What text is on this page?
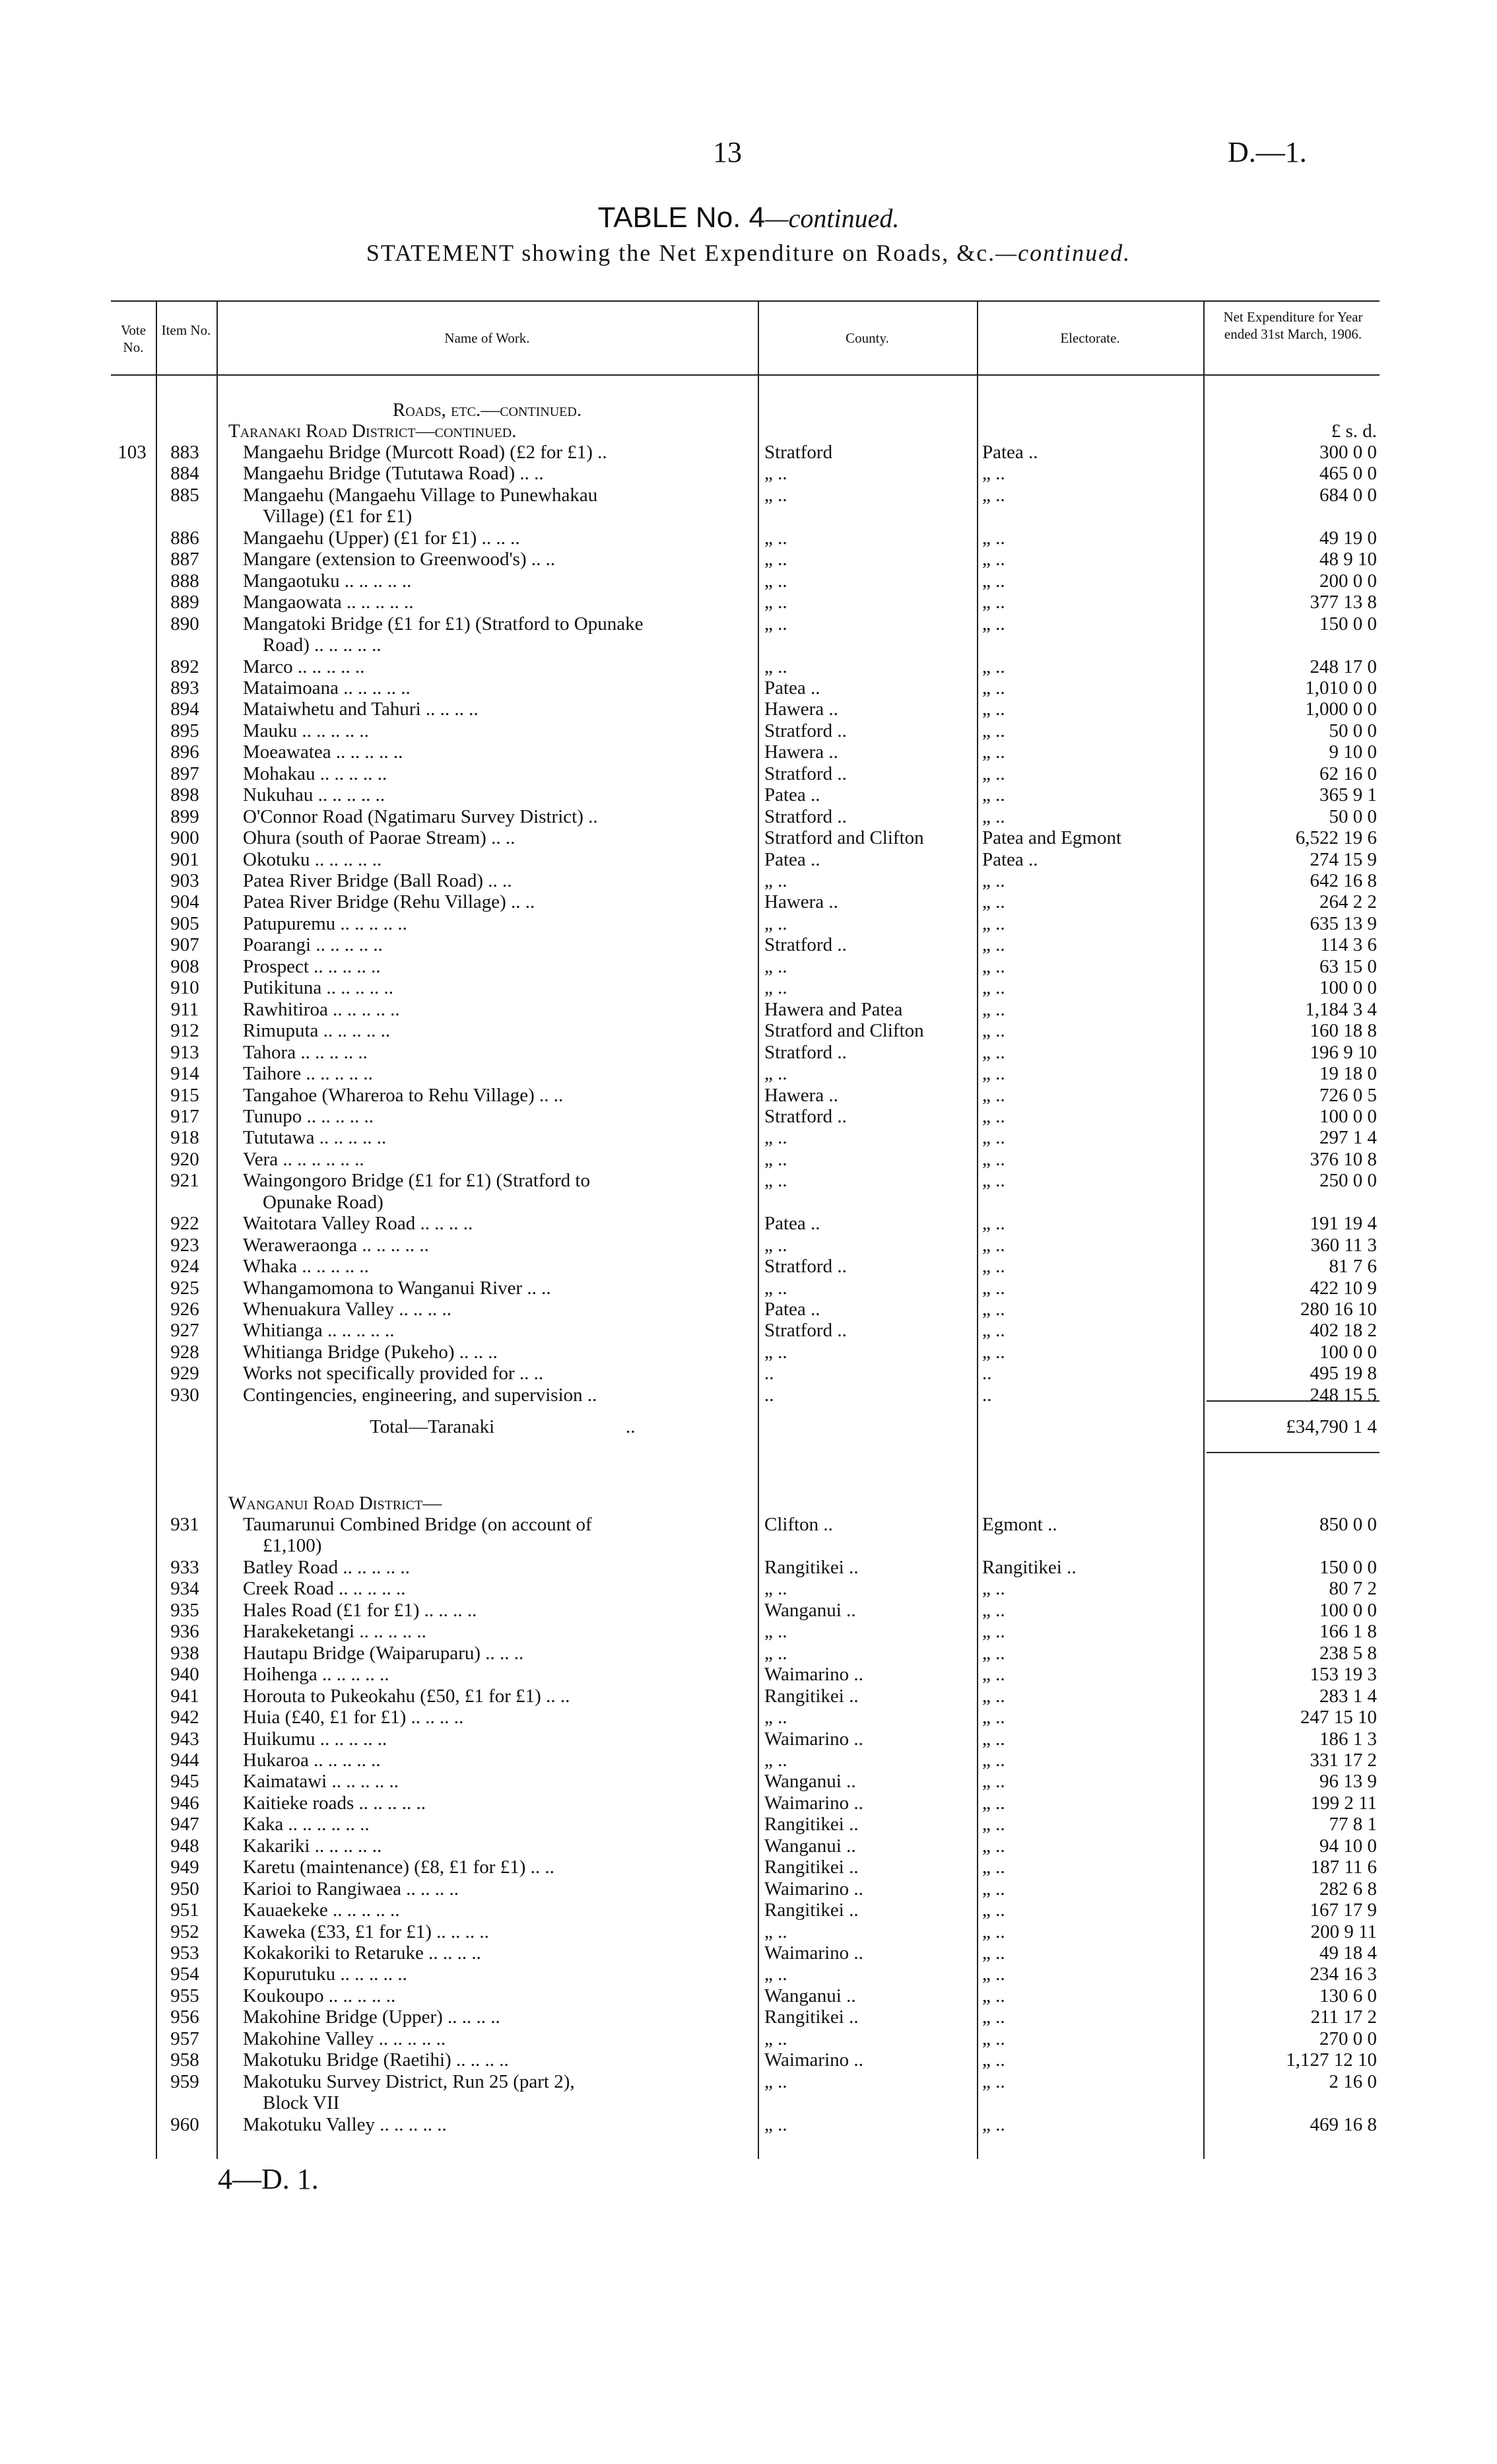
13	D.—1.
TABLE No. 4—continued.
STATEMENT showing the Net Expenditure on Roads, &c.—continued.
Vote No.
Item No.	Name of Work.	County.	Electorate.
Net Expenditure for Year ended 31st March, 1906.
Roads, etc.—continued.
Taranaki Road District—continued.	£ s. d.
103	883	Mangaehu Bridge (Murcott Road) (£2 for £1) ..	Stratford	Patea ..	300 0 0
884	Mangaehu Bridge (Tututawa Road) .. ..	„ ..	„ ..	465 0 0
885	Mangaehu (Mangaehu Village to Punewhakau	„ ..	„ ..	684 0 0
Village) (£1 for £1)
886	Mangaehu (Upper) (£1 for £1) .. .. ..	„ ..	„ ..	49 19 0
887	Mangare (extension to Greenwood's) .. ..	„ ..	„ ..	48 9 10
888	Mangaotuku .. .. .. .. ..	„ ..	„ ..	200 0 0
889	Mangaowata .. .. .. .. ..	„ ..	„ ..	377 13 8
890	Mangatoki Bridge (£1 for £1) (Stratford to Opunake	„ ..	„ ..	150 0 0
Road) .. .. .. .. ..
892	Marco .. .. .. .. ..	„ ..	„ ..	248 17 0
893	Mataimoana .. .. .. .. ..	Patea ..	„ ..	1,010 0 0
894	Mataiwhetu and Tahuri .. .. .. ..	Hawera ..	„ ..	1,000 0 0
895	Mauku .. .. .. .. ..	Stratford ..	„ ..	50 0 0
896	Moeawatea .. .. .. .. ..	Hawera ..	„ ..	9 10 0
897	Mohakau .. .. .. .. ..	Stratford ..	„ ..	62 16 0
898	Nukuhau .. .. .. .. ..	Patea ..	„ ..	365 9 1
899	O'Connor Road (Ngatimaru Survey District) ..	Stratford ..	„ ..	50 0 0
900	Ohura (south of Paorae Stream) .. ..	Stratford and Clifton	Patea and Egmont	6,522 19 6
901	Okotuku .. .. .. .. ..	Patea ..	Patea ..	274 15 9
903	Patea River Bridge (Ball Road) .. ..	„ ..	„ ..	642 16 8
904	Patea River Bridge (Rehu Village) .. ..	Hawera ..	„ ..	264 2 2
905	Patupuremu .. .. .. .. ..	„ ..	„ ..	635 13 9
907	Poarangi .. .. .. .. ..	Stratford ..	„ ..	114 3 6
908	Prospect .. .. .. .. ..	„ ..	„ ..	63 15 0
910	Putikituna .. .. .. .. ..	„ ..	„ ..	100 0 0
911	Rawhitiroa .. .. .. .. ..	Hawera and Patea	„ ..	1,184 3 4
912	Rimuputa .. .. .. .. ..	Stratford and Clifton	„ ..	160 18 8
913	Tahora .. .. .. .. ..	Stratford ..	„ ..	196 9 10
914	Taihore .. .. .. .. ..	„ ..	„ ..	19 18 0
915	Tangahoe (Whareroa to Rehu Village) .. ..	Hawera ..	„ ..	726 0 5
917	Tunupo .. .. .. .. ..	Stratford ..	„ ..	100 0 0
918	Tututawa .. .. .. .. ..	„ ..	„ ..	297 1 4
920	Vera .. .. .. .. .. ..	„ ..	„ ..	376 10 8
921	Waingongoro Bridge (£1 for £1) (Stratford to	„ ..	„ ..	250 0 0
Opunake Road)
922	Waitotara Valley Road .. .. .. ..	Patea ..	„ ..	191 19 4
923	Weraweraonga .. .. .. .. ..	„ ..	„ ..	360 11 3
924	Whaka .. .. .. .. ..	Stratford ..	„ ..	81 7 6
925	Whangamomona to Wanganui River .. ..	„ ..	„ ..	422 10 9
926	Whenuakura Valley .. .. .. ..	Patea ..	„ ..	280 16 10
927	Whitianga .. .. .. .. ..	Stratford ..	„ ..	402 18 2
928	Whitianga Bridge (Pukeho) .. .. ..	„ ..	„ ..	100 0 0
929	Works not specifically provided for .. ..	..	..	495 19 8
930	Contingencies, engineering, and supervision ..	..	..	248 15 5
Total—Taranaki	..	£34,790 1 4
Wanganui Road District—
931	Taumarunui Combined Bridge (on account of	Clifton ..	Egmont ..	850 0 0
£1,100)
933	Batley Road .. .. .. .. ..	Rangitikei ..	Rangitikei ..	150 0 0
934	Creek Road .. .. .. .. ..	„ ..	„ ..	80 7 2
935	Hales Road (£1 for £1) .. .. .. ..	Wanganui ..	„ ..	100 0 0
936	Harakeketangi .. .. .. .. ..	„ ..	„ ..	166 1 8
938	Hautapu Bridge (Waiparuparu) .. .. ..	„ ..	„ ..	238 5 8
940	Hoihenga .. .. .. .. ..	Waimarino ..	„ ..	153 19 3
941	Horouta to Pukeokahu (£50, £1 for £1) .. ..	Rangitikei ..	„ ..	283 1 4
942	Huia (£40, £1 for £1) .. .. .. ..	„ ..	„ ..	247 15 10
943	Huikumu .. .. .. .. ..	Waimarino ..	„ ..	186 1 3
944	Hukaroa .. .. .. .. ..	„ ..	„ ..	331 17 2
945	Kaimatawi .. .. .. .. ..	Wanganui ..	„ ..	96 13 9
946	Kaitieke roads .. .. .. .. ..	Waimarino ..	„ ..	199 2 11
947	Kaka .. .. .. .. .. ..	Rangitikei ..	„ ..	77 8 1
948	Kakariki .. .. .. .. ..	Wanganui ..	„ ..	94 10 0
949	Karetu (maintenance) (£8, £1 for £1) .. ..	Rangitikei ..	„ ..	187 11 6
950	Karioi to Rangiwaea .. .. .. ..	Waimarino ..	„ ..	282 6 8
951	Kauaekeke .. .. .. .. ..	Rangitikei ..	„ ..	167 17 9
952	Kaweka (£33, £1 for £1) .. .. .. ..	„ ..	„ ..	200 9 11
953	Kokakoriki to Retaruke .. .. .. ..	Waimarino ..	„ ..	49 18 4
954	Kopurutuku .. .. .. .. ..	„ ..	„ ..	234 16 3
955	Koukoupo .. .. .. .. ..	Wanganui ..	„ ..	130 6 0
956	Makohine Bridge (Upper) .. .. .. ..	Rangitikei ..	„ ..	211 17 2
957	Makohine Valley .. .. .. .. ..	„ ..	„ ..	270 0 0
958	Makotuku Bridge (Raetihi) .. .. .. ..	Waimarino ..	„ ..	1,127 12 10
959	Makotuku Survey District, Run 25 (part 2),	„ ..	„ ..	2 16 0
Block VII
960	Makotuku Valley .. .. .. .. ..	„ ..	„ ..	469 16 8
4—D. 1.
